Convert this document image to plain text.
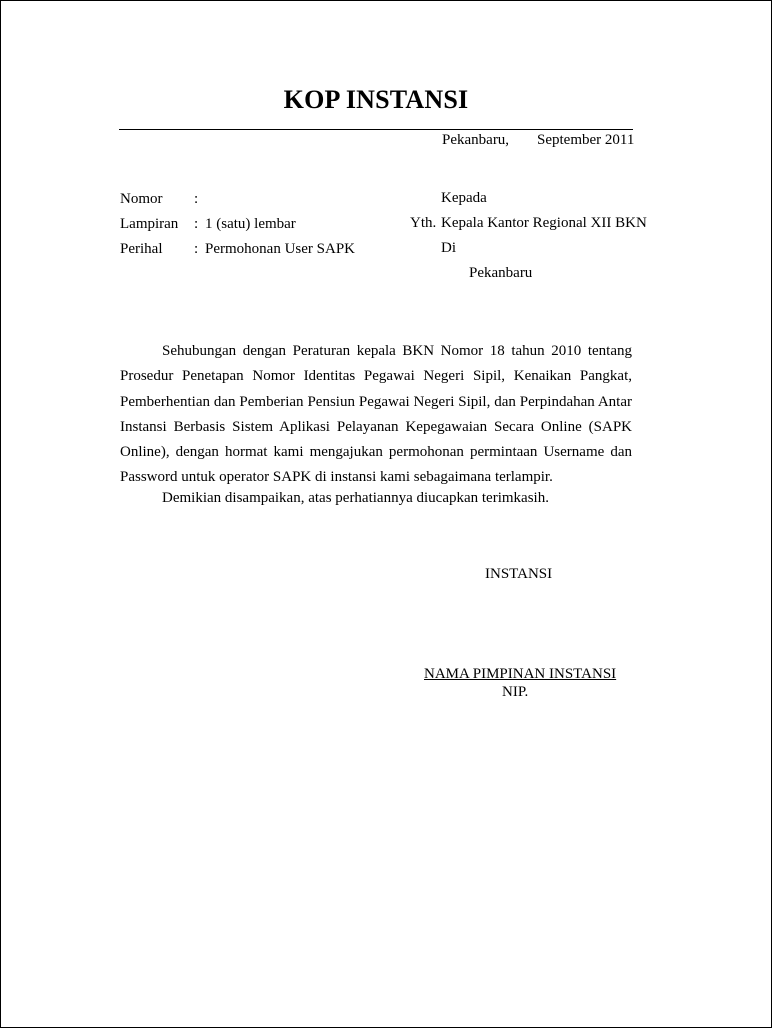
KOP INSTANSI
Pekanbaru, September 2011
Nomor :
Lampiran : 1 (satu) lembar
Perihal : Permohonan User SAPK
Kepada
Yth. Kepala Kantor Regional XII BKN
Di
Pekanbaru

Sehubungan dengan Peraturan kepala BKN Nomor 18 tahun 2010 tentang Prosedur Penetapan Nomor Identitas Pegawai Negeri Sipil, Kenaikan Pangkat, Pemberhentian dan Pemberian Pensiun Pegawai Negeri Sipil, dan Perpindahan Antar Instansi Berbasis Sistem Aplikasi Pelayanan Kepegawaian Secara Online (SAPK Online), dengan hormat kami mengajukan permohonan permintaan Username dan Password untuk operator SAPK di instansi kami sebagaimana terlampir.

Demikian disampaikan, atas perhatiannya diucapkan terimkasih.
INSTANSI
NAMA PIMPINAN INSTANSI
NIP.
